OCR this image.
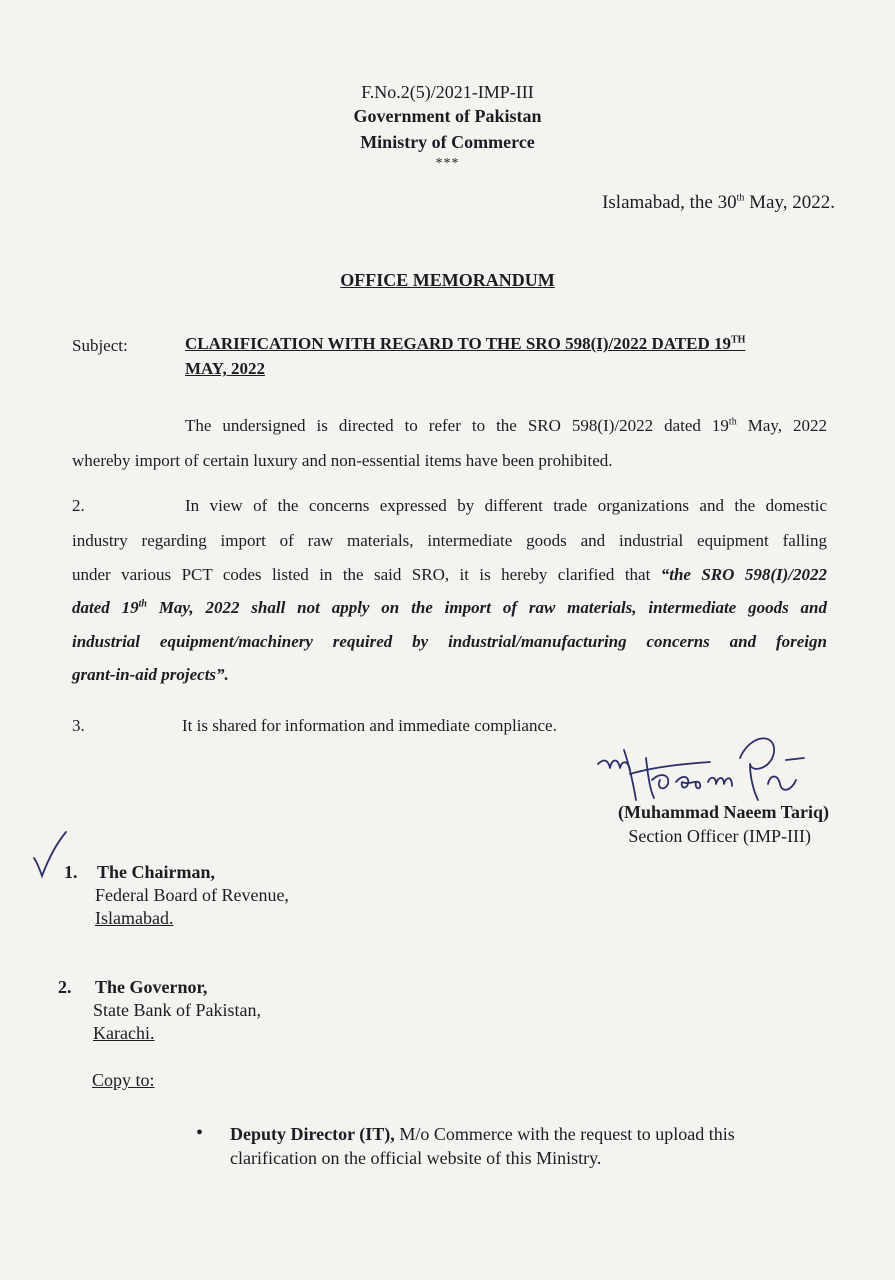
F.No.2(5)/2021-IMP-III
Government of Pakistan
Ministry of Commerce
***
Islamabad, the 30th May, 2022.
OFFICE MEMORANDUM
Subject:	CLARIFICATION WITH REGARD TO THE SRO 598(I)/2022 DATED 19TH
MAY, 2022
The undersigned is directed to refer to the SRO 598(I)/2022 dated 19th May, 2022
whereby import of certain luxury and non-essential items have been prohibited.
2.	In view of the concerns expressed by different trade organizations and the domestic
industry regarding import of raw materials, intermediate goods and industrial equipment falling
under various PCT codes listed in the said SRO, it is hereby clarified that “the SRO 598(I)/2022
dated 19th May, 2022 shall not apply on the import of raw materials, intermediate goods and
industrial equipment/machinery required by industrial/manufacturing concerns and foreign
grant-in-aid projects”.
3.	It is shared for information and immediate compliance.
(Muhammad Naeem Tariq)
Section Officer (IMP-III)
1. The Chairman,
Federal Board of Revenue,
Islamabad.
2. The Governor,
State Bank of Pakistan,
Karachi.
Copy to:
• Deputy Director (IT), M/o Commerce with the request to upload this
clarification on the official website of this Ministry.
